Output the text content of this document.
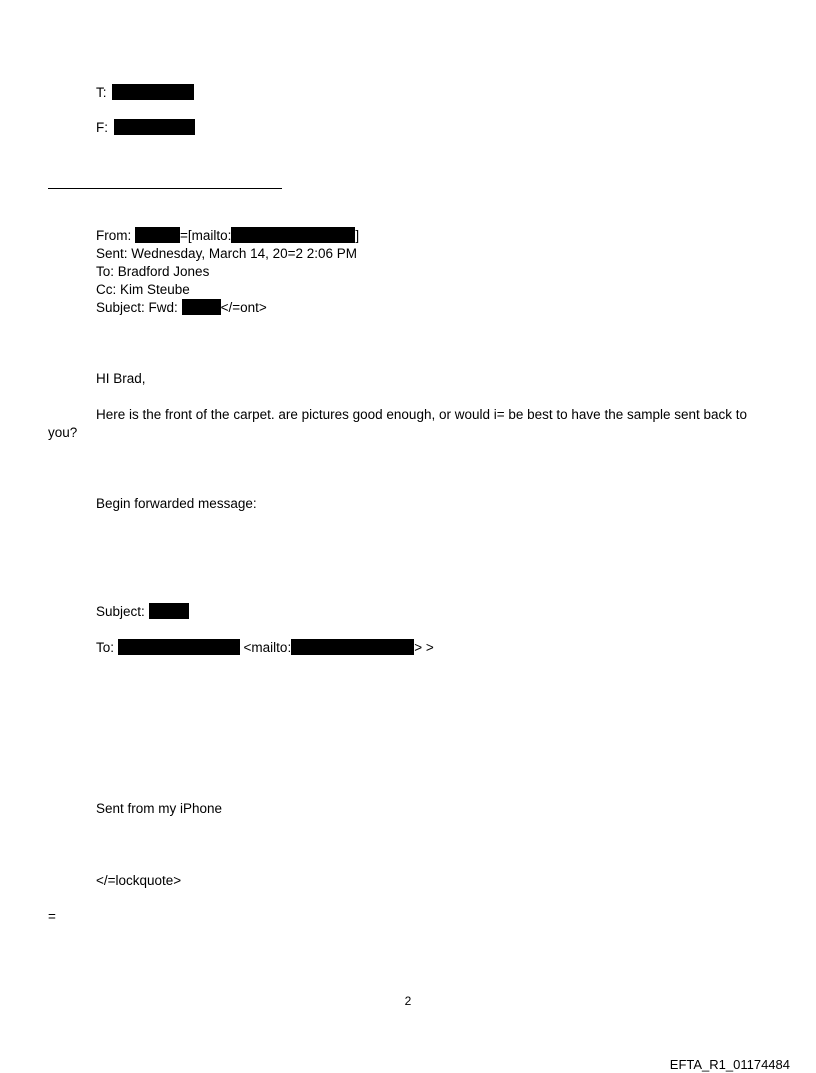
T:
F:
From:	=[mailto:	]
Sent: Wednesday, March 14, 20=2 2:06 PM
To: Bradford Jones
Cc: Kim Steube
Subject: Fwd:	</=ont>
HI Brad,
Here is the front of the carpet. are pictures good enough, or would i= be best to have the sample sent back to
you?
Begin forwarded message:
Subject:
To:	<mailto:	> >
Sent from my iPhone
</=lockquote>
=
2
EFTA_R1_01174484
